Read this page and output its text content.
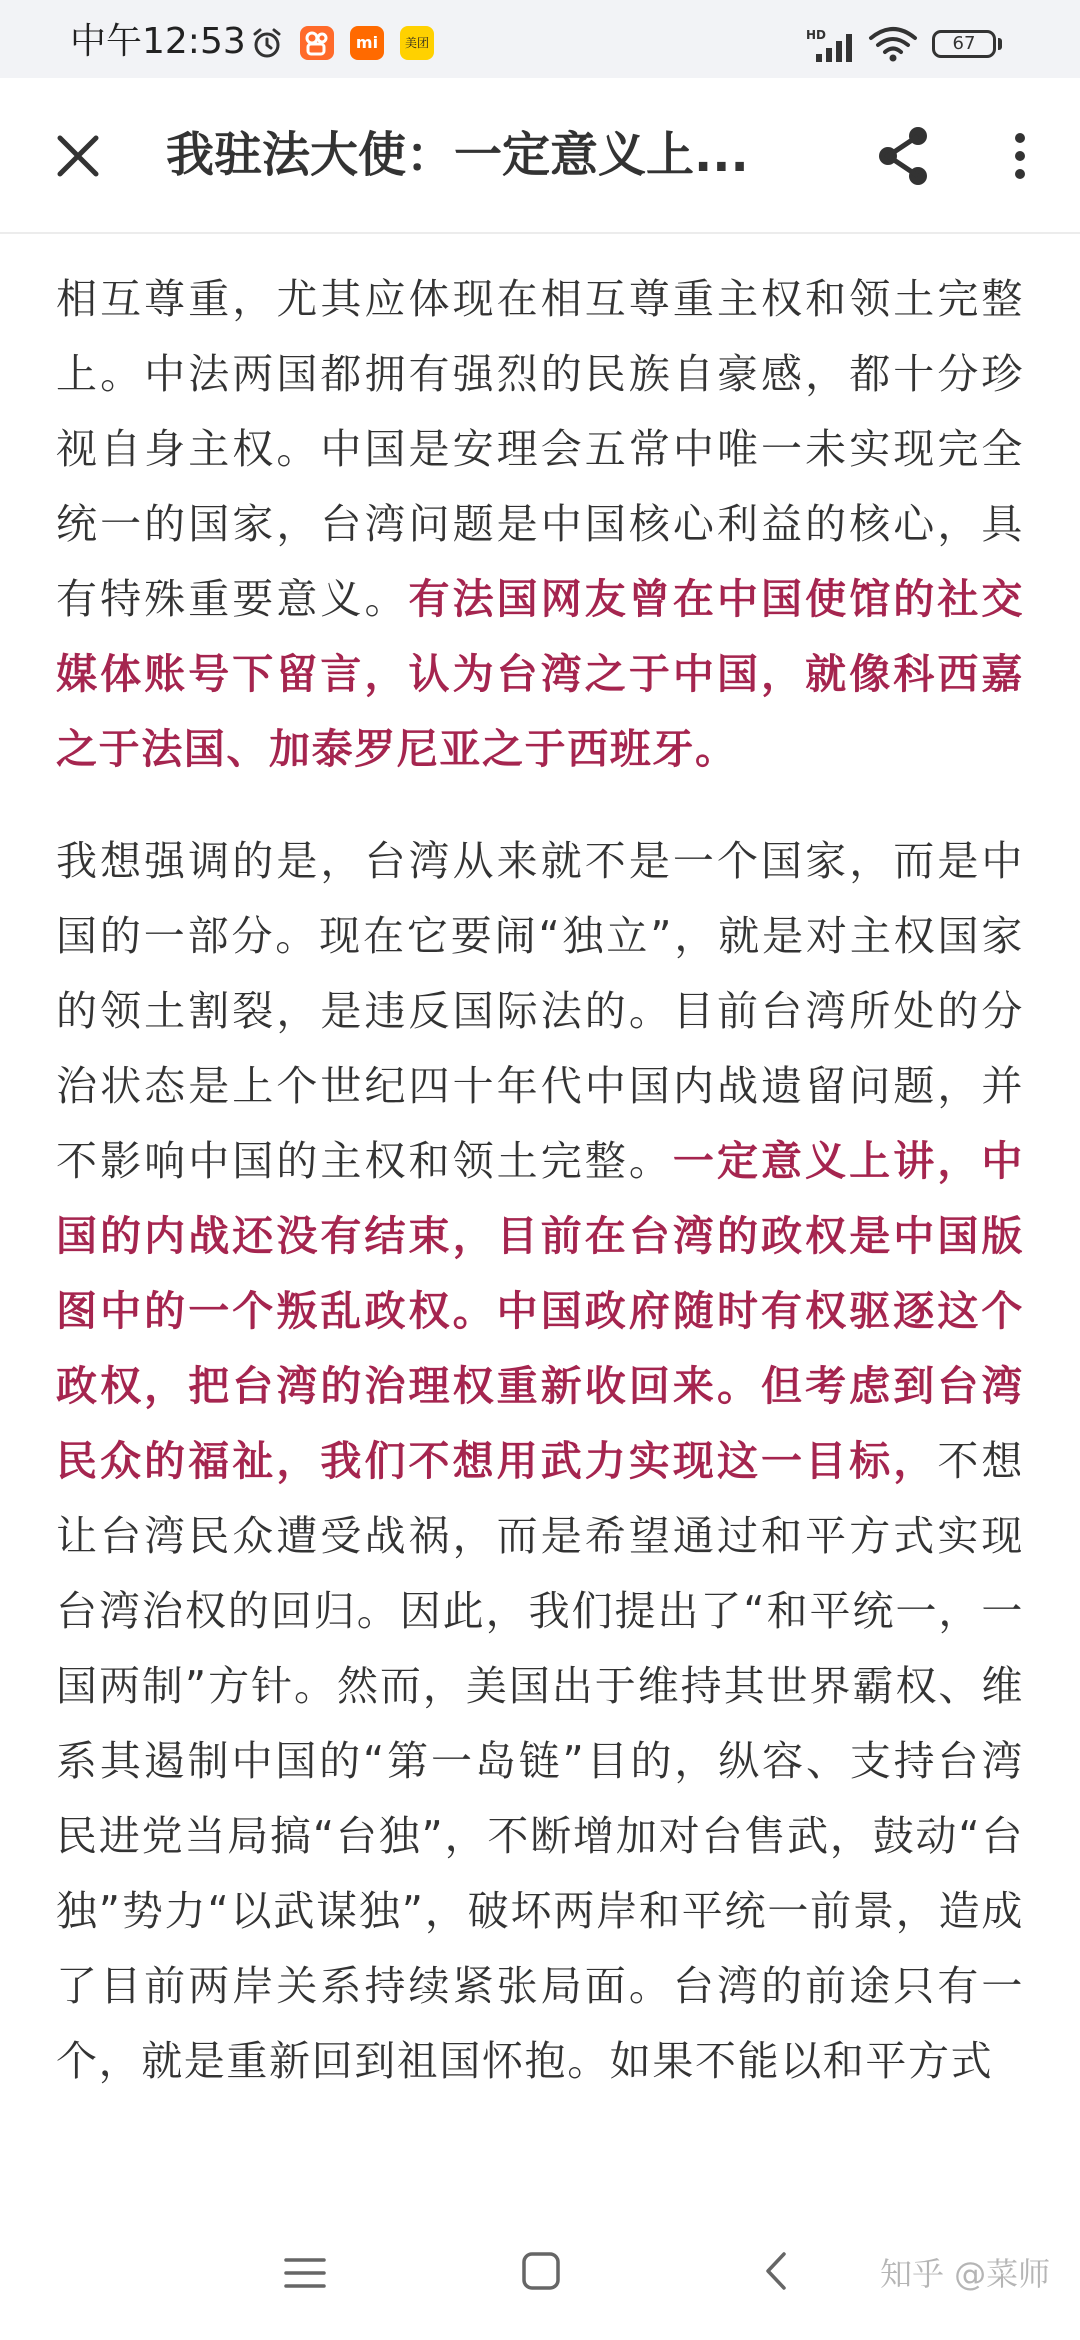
中午12:53	mi	美团
HD	67
我驻法大使：一定意义上...

相互尊重，尤其应体现在相互尊重主权和领土完整上。中法两国都拥有强烈的民族自豪感，都十分珍视自身主权。中国是安理会五常中唯一未实现完全统一的国家，台湾问题是中国核心利益的核心，具有特殊重要意义。有法国网友曾在中国使馆的社交媒体账号下留言，认为台湾之于中国，就像科西嘉之于法国、加泰罗尼亚之于西班牙。

我想强调的是，台湾从来就不是一个国家，而是中国的一部分。现在它要闹“独立”，就是对主权国家的领土割裂，是违反国际法的。目前台湾所处的分治状态是上个世纪四十年代中国内战遗留问题，并不影响中国的主权和领土完整。一定意义上讲，中国的内战还没有结束，目前在台湾的政权是中国版图中的一个叛乱政权。中国政府随时有权驱逐这个政权，把台湾的治理权重新收回来。但考虑到台湾民众的福祉，我们不想用武力实现这一目标，不想让台湾民众遭受战祸，而是希望通过和平方式实现台湾治权的回归。因此，我们提出了“和平统一，一国两制”方针。然而，美国出于维持其世界霸权、维系其遏制中国的“第一岛链”目的，纵容、支持台湾民进党当局搞“台独”，不断增加对台售武，鼓动“台独”势力“以武谋独”，破坏两岸和平统一前景，造成了目前两岸关系持续紧张局面。台湾的前途只有一个，就是重新回到祖国怀抱。如果不能以和平方式

知乎 @菜师
